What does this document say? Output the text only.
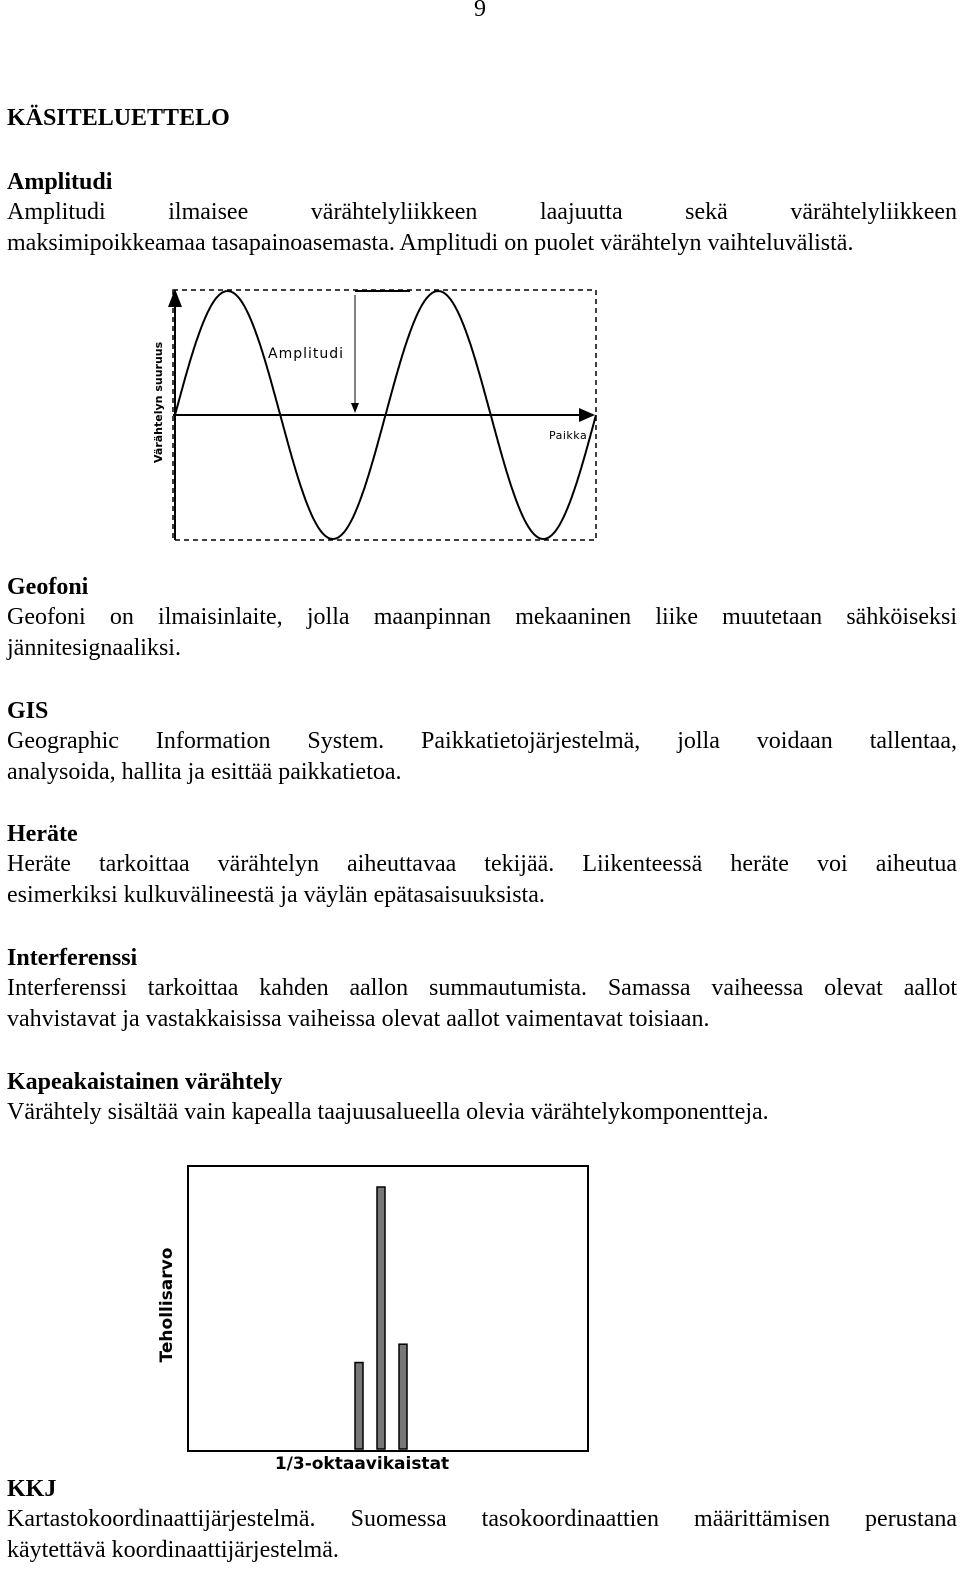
9
KÄSITELUETTELO
Amplitudi
Amplitudi ilmaisee värähtelyliikkeen laajuutta sekä värähtelyliikkeen
maksimipoikkeamaa tasapainoasemasta. Amplitudi on puolet värähtelyn vaihteluvälistä.
Amplitudi
Paikka
Värähtelyn suuruus
Geofoni
Geofoni on ilmaisinlaite, jolla maanpinnan mekaaninen liike muutetaan sähköiseksi
jännitesignaaliksi.
GIS
Geographic Information System. Paikkatietojärjestelmä, jolla voidaan tallentaa,
analysoida, hallita ja esittää paikkatietoa.
Heräte
Heräte tarkoittaa värähtelyn aiheuttavaa tekijää. Liikenteessä heräte voi aiheutua
esimerkiksi kulkuvälineestä ja väylän epätasaisuuksista.
Interferenssi
Interferenssi tarkoittaa kahden aallon summautumista. Samassa vaiheessa olevat aallot
vahvistavat ja vastakkaisissa vaiheissa olevat aallot vaimentavat toisiaan.
Kapeakaistainen värähtely
Värähtely sisältää vain kapealla taajuusalueella olevia värähtelykomponentteja.
1/3-oktaavikaistat
Tehollisarvo
KKJ
Kartastokoordinaattijärjestelmä. Suomessa tasokoordinaattien määrittämisen perustana
käytettävä koordinaattijärjestelmä.
